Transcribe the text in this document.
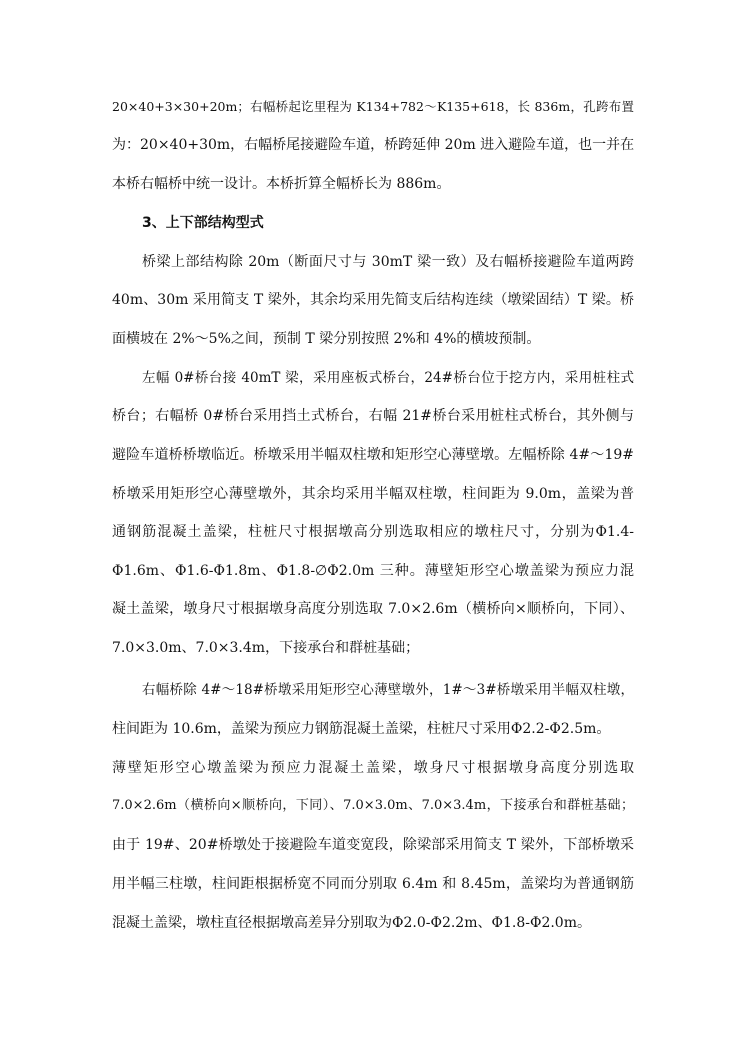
20×40+3×30+20m；右幅桥起讫里程为 K134+782～K135+618，长 836m，孔跨布置
为：20×40+30m，右幅桥尾接避险车道，桥跨延伸 20m 进入避险车道，也一并在
本桥右幅桥中统一设计。本桥折算全幅桥长为 886m。
3、上下部结构型式
桥梁上部结构除 20m（断面尺寸与 30mT 梁一致）及右幅桥接避险车道两跨
40m、30m 采用简支 T 梁外，其余均采用先简支后结构连续（墩梁固结）T 梁。桥
面横坡在 2%～5%之间，预制 T 梁分别按照 2%和 4%的横坡预制。
左幅 0#桥台接 40mT 梁，采用座板式桥台，24#桥台位于挖方内，采用桩柱式
桥台；右幅桥 0#桥台采用挡土式桥台，右幅 21#桥台采用桩柱式桥台，其外侧与
避险车道桥桥墩临近。桥墩采用半幅双柱墩和矩形空心薄壁墩。左幅桥除 4#～19#
桥墩采用矩形空心薄壁墩外，其余均采用半幅双柱墩，柱间距为 9.0m，盖梁为普
通钢筋混凝土盖梁，柱桩尺寸根据墩高分别选取相应的墩柱尺寸，分别为Φ1.4-
Φ1.6m、Φ1.6-Φ1.8m、Φ1.8-∅Φ2.0m 三种。薄壁矩形空心墩盖梁为预应力混
凝土盖梁，墩身尺寸根据墩身高度分别选取 7.0×2.6m（横桥向×顺桥向，下同）、
7.0×3.0m、7.0×3.4m，下接承台和群桩基础；
右幅桥除 4#～18#桥墩采用矩形空心薄壁墩外，1#～3#桥墩采用半幅双柱墩，
柱间距为 10.6m，盖梁为预应力钢筋混凝土盖梁，柱桩尺寸采用Φ2.2-Φ2.5m。
薄壁矩形空心墩盖梁为预应力混凝土盖梁，墩身尺寸根据墩身高度分别选取
7.0×2.6m（横桥向×顺桥向，下同）、7.0×3.0m、7.0×3.4m，下接承台和群桩基础；
由于 19#、20#桥墩处于接避险车道变宽段，除梁部采用简支 T 梁外，下部桥墩采
用半幅三柱墩，柱间距根据桥宽不同而分别取 6.4m 和 8.45m，盖梁均为普通钢筋
混凝土盖梁，墩柱直径根据墩高差异分别取为Φ2.0-Φ2.2m、Φ1.8-Φ2.0m。
